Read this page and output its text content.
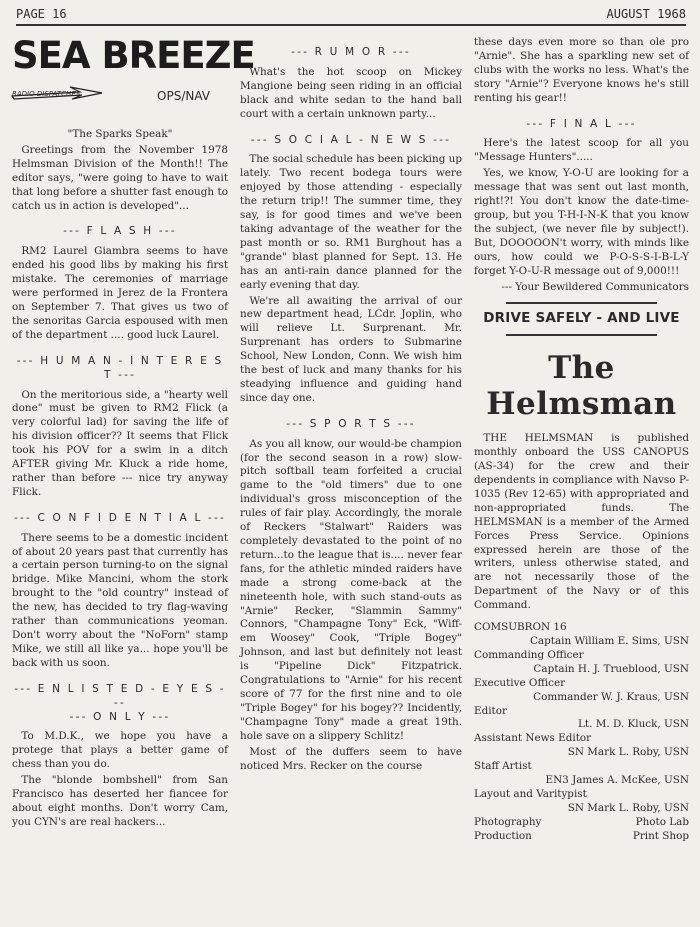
PAGE 16	AUGUST 1968
SEA BREEZE
RADIO DISPATCHES	OPS/NAV

"The Sparks Speak"

Greetings from the November 1978 Helmsman Division of the Month!! The editor says, "were going to have to wait that long before a shutter fast enough to catch us in action is developed"...

--- F L A S H ---

RM2 Laurel Giambra seems to have ended his good libs by making his first mistake. The ceremonies of marriage were performed in Jerez de la Frontera on September 7. That gives us two of the senoritas Garcia espoused with men of the department .... good luck Laurel.

--- H U M A N - I N T E R E S T ---

On the meritorious side, a "hearty well done" must be given to RM2 Flick (a very colorful lad) for saving the life of his division officer?? It seems that Flick took his POV for a swim in a ditch AFTER giving Mr. Kluck a ride home, rather than before --- nice try anyway Flick.

--- C O N F I D E N T I A L ---

There seems to be a domestic incident of about 20 years past that currently has a certain person turning-to on the signal bridge. Mike Mancini, whom the stork brought to the "old country" instead of the new, has decided to try flag-waving rather than communications yeoman. Don't worry about the "NoForn" stamp Mike, we still all like ya... hope you'll be back with us soon.

--- E N L I S T E D - E Y E S ---
--- O N L Y ---

To M.D.K., we hope you have a protege that plays a better game of chess than you do.

The "blonde bombshell" from San Francisco has deserted her fiancee for about eight months. Don't worry Cam, you CYN's are real hackers...

--- R U M O R ---

What's the hot scoop on Mickey Mangione being seen riding in an official black and white sedan to the hand ball court with a certain unknown party...

--- S O C I A L - N E W S ---

The social schedule has been picking up lately. Two recent bodega tours were enjoyed by those attending - especially the return trip!! The summer time, they say, is for good times and we've been taking advantage of the weather for the past month or so. RM1 Burghout has a "grande" blast planned for Sept. 13. He has an anti-rain dance planned for the early evening that day.

We're all awaiting the arrival of our new department head, LCdr. Joplin, who will relieve Lt. Surprenant. Mr. Surprenant has orders to Submarine School, New London, Conn. We wish him the best of luck and many thanks for his steadying influence and guiding hand since day one.

--- S P O R T S ---

As you all know, our would-be champion (for the second season in a row) slow-pitch softball team forfeited a crucial game to the "old timers" due to one individual's gross misconception of the rules of fair play. Accordingly, the morale of Reckers "Stalwart" Raiders was completely devastated to the point of no return...to the league that is.... never fear fans, for the athletic minded raiders have made a strong come-back at the nineteenth hole, with such stand-outs as "Arnie" Recker, "Slammin Sammy" Connors, "Champagne Tony" Eck, "Wiff-em Woosey" Cook, "Triple Bogey" Johnson, and last but definitely not least is "Pipeline Dick" Fitzpatrick. Congratulations to "Arnie" for his recent score of 77 for the first nine and to ole "Triple Bogey" for his bogey?? Incidently, "Champagne Tony" made a great 19th. hole save on a slippery Schlitz!

Most of the duffers seem to have noticed Mrs. Recker on the course

these days even more so than ole pro "Arnie". She has a sparkling new set of clubs with the works no less. What's the story "Arnie"? Everyone knows he's still renting his gear!!

--- F I N A L ---

Here's the latest scoop for all you "Message Hunters".....

Yes, we know, Y-O-U are looking for a message that was sent out last month, right!?! You don't know the date-time-group, but you T-H-I-N-K that you know the subject, (we never file by subject!). But, DOOOOON't worry, with minds like ours, how could we P-O-S-S-I-B-L-Y forget Y-O-U-R message out of 9,000!!!

--- Your Bewildered Communicators

DRIVE SAFELY - AND LIVE
The Helmsman

THE HELMSMAN is published monthly onboard the USS CANOPUS (AS-34) for the crew and their dependents in compliance with Navso P-1035 (Rev 12-65) with appropriated and non-appropriated funds. The HELMSMAN is a member of the Armed Forces Press Service. Opinions expressed herein are those of the writers, unless otherwise stated, and are not necessarily those of the Department of the Navy or of this Command.

COMSUBRON 16
Captain William E. Sims, USN
Commanding Officer
Captain H. J. Trueblood, USN
Executive Officer
Commander W. J. Kraus, USN
Editor
Lt. M. D. Kluck, USN
Assistant News Editor
SN Mark L. Roby, USN
Staff Artist
EN3 James A. McKee, USN
Layout and Varitypist
SN Mark L. Roby, USN
Photography	Photo Lab
Production	Print Shop
